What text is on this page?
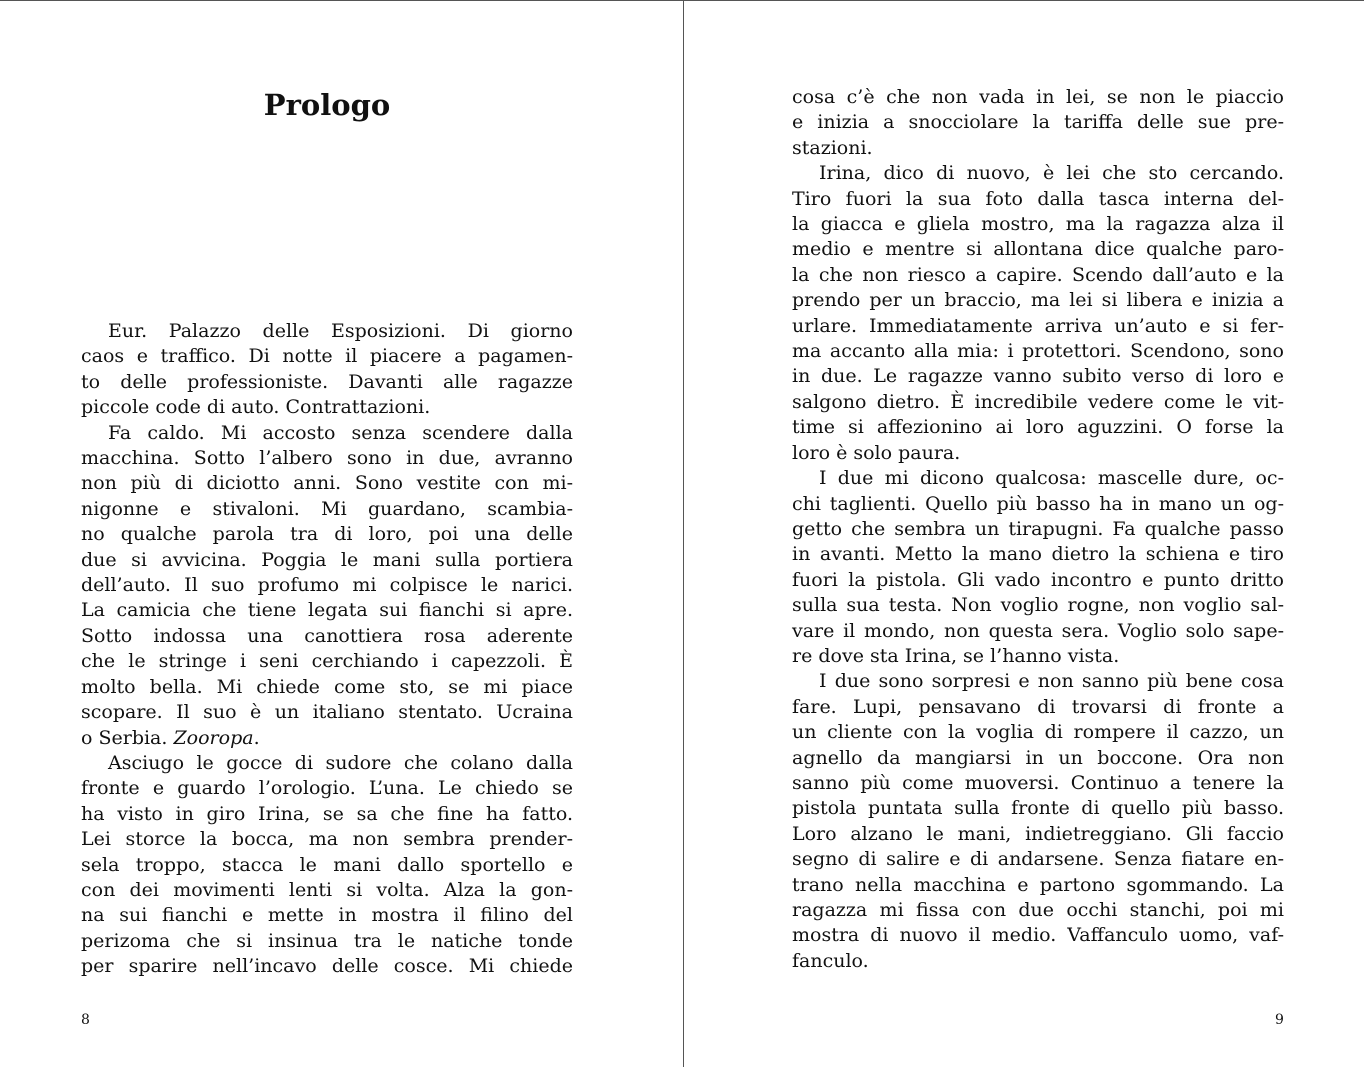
Prologo
Eur. Palazzo delle Esposizioni. Di giorno
caos e traffico. Di notte il piacere a pagamen-
to delle professioniste. Davanti alle ragazze
piccole code di auto. Contrattazioni.
Fa caldo. Mi accosto senza scendere dalla
macchina. Sotto l’albero sono in due, avranno
non più di diciotto anni. Sono vestite con mi-
nigonne e stivaloni. Mi guardano, scambia-
no qualche parola tra di loro, poi una delle
due si avvicina. Poggia le mani sulla portiera
dell’auto. Il suo profumo mi colpisce le narici.
La camicia che tiene legata sui fianchi si apre.
Sotto indossa una canottiera rosa aderente
che le stringe i seni cerchiando i capezzoli. È
molto bella. Mi chiede come sto, se mi piace
scopare. Il suo è un italiano stentato. Ucraina
o Serbia. Zooropa.
Asciugo le gocce di sudore che colano dalla
fronte e guardo l’orologio. L’una. Le chiedo se
ha visto in giro Irina, se sa che fine ha fatto.
Lei storce la bocca, ma non sembra prender-
sela troppo, stacca le mani dallo sportello e
con dei movimenti lenti si volta. Alza la gon-
na sui fianchi e mette in mostra il filino del
perizoma che si insinua tra le natiche tonde
per sparire nell’incavo delle cosce. Mi chiede
8
cosa c’è che non vada in lei, se non le piaccio
e inizia a snocciolare la tariffa delle sue pre-
stazioni.
Irina, dico di nuovo, è lei che sto cercando.
Tiro fuori la sua foto dalla tasca interna del-
la giacca e gliela mostro, ma la ragazza alza il
medio e mentre si allontana dice qualche paro-
la che non riesco a capire. Scendo dall’auto e la
prendo per un braccio, ma lei si libera e inizia a
urlare. Immediatamente arriva un’auto e si fer-
ma accanto alla mia: i protettori. Scendono, sono
in due. Le ragazze vanno subito verso di loro e
salgono dietro. È incredibile vedere come le vit-
time si affezionino ai loro aguzzini. O forse la
loro è solo paura.
I due mi dicono qualcosa: mascelle dure, oc-
chi taglienti. Quello più basso ha in mano un og-
getto che sembra un tirapugni. Fa qualche passo
in avanti. Metto la mano dietro la schiena e tiro
fuori la pistola. Gli vado incontro e punto dritto
sulla sua testa. Non voglio rogne, non voglio sal-
vare il mondo, non questa sera. Voglio solo sape-
re dove sta Irina, se l’hanno vista.
I due sono sorpresi e non sanno più bene cosa
fare. Lupi, pensavano di trovarsi di fronte a
un cliente con la voglia di rompere il cazzo, un
agnello da mangiarsi in un boccone. Ora non
sanno più come muoversi. Continuo a tenere la
pistola puntata sulla fronte di quello più basso.
Loro alzano le mani, indietreggiano. Gli faccio
segno di salire e di andarsene. Senza fiatare en-
trano nella macchina e partono sgommando. La
ragazza mi fissa con due occhi stanchi, poi mi
mostra di nuovo il medio. Vaffanculo uomo, vaf-
fanculo.
9
